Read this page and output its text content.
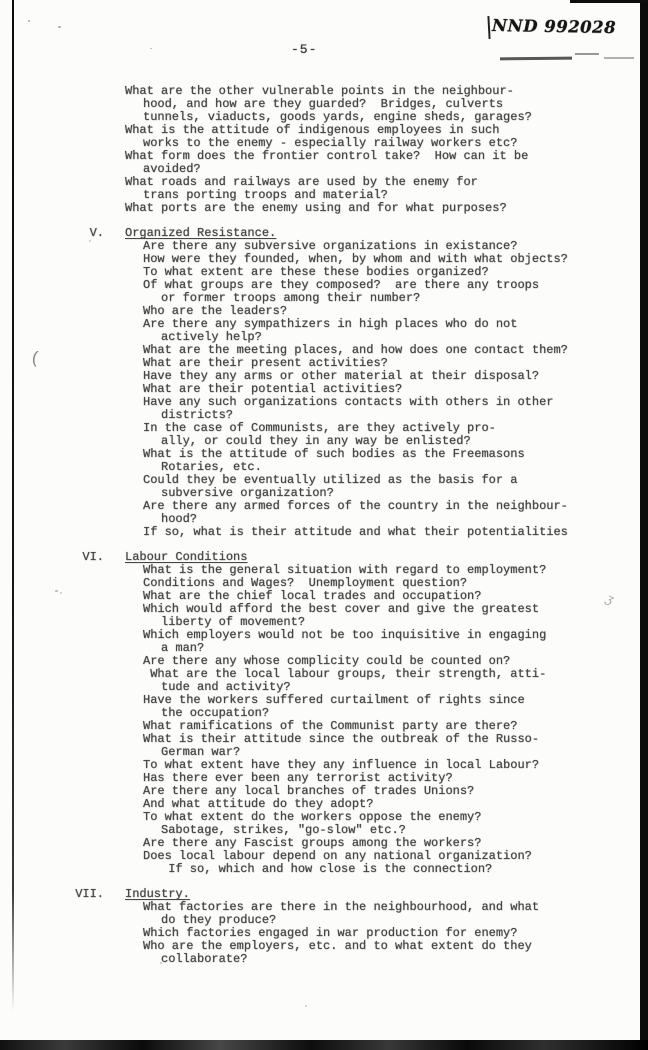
(
ʒ
NND 992028
-5-
What are the other vulnerable points in the neighbour-
hood, and how are they guarded?  Bridges, culverts
tunnels, viaducts, goods yards, engine sheds, garages?
What is the attitude of indigenous employees in such
works to the enemy - especially railway workers etc?
What form does the frontier control take?  How can it be
avoided?
What roads and railways are used by the enemy for
trans porting troops and material?
What ports are the enemy using and for what purposes?
V. Organized Resistance.
Are there any subversive organizations in existance?
How were they founded, when, by whom and with what objects?
To what extent are these these bodies organized?
Of what groups are they composed?  are there any troops
or former troops among their number?
Who are the leaders?
Are there any sympathizers in high places who do not
actively help?
What are the meeting places, and how does one contact them?
What are their present activities?
Have they any arms or other material at their disposal?
What are their potential activities?
Have any such organizations contacts with others in other
districts?
In the case of Communists, are they actively pro-
ally, or could they in any way be enlisted?
What is the attitude of such bodies as the Freemasons
Rotaries, etc.
Could they be eventually utilized as the basis for a
subversive organization?
Are there any armed forces of the country in the neighbour-
hood?
If so, what is their attitude and what their potentialities
VI. Labour Conditions
What is the general situation with regard to employment?
Conditions and Wages?  Unemployment question?
What are the chief local trades and occupation?
Which would afford the best cover and give the greatest
liberty of movement?
Which employers would not be too inquisitive in engaging
a man?
Are there any whose complicity could be counted on?
What are the local labour groups, their strength, atti-
tude and activity?
Have the workers suffered curtailment of rights since
the occupation?
What ramifications of the Communist party are there?
What is their attitude since the outbreak of the Russo-
German war?
To what extent have they any influence in local Labour?
Has there ever been any terrorist activity?
Are there any local branches of trades Unions?
And what attitude do they adopt?
To what extent do the workers oppose the enemy?
Sabotage, strikes, "go-slow" etc.?
Are there any Fascist groups among the workers?
Does local labour depend on any national organization?
If so, which and how close is the connection?
VII. Industry.
What factories are there in the neighbourhood, and what
do they produce?
Which factories engaged in war production for enemy?
Who are the employers, etc. and to what extent do they
collaborate?
